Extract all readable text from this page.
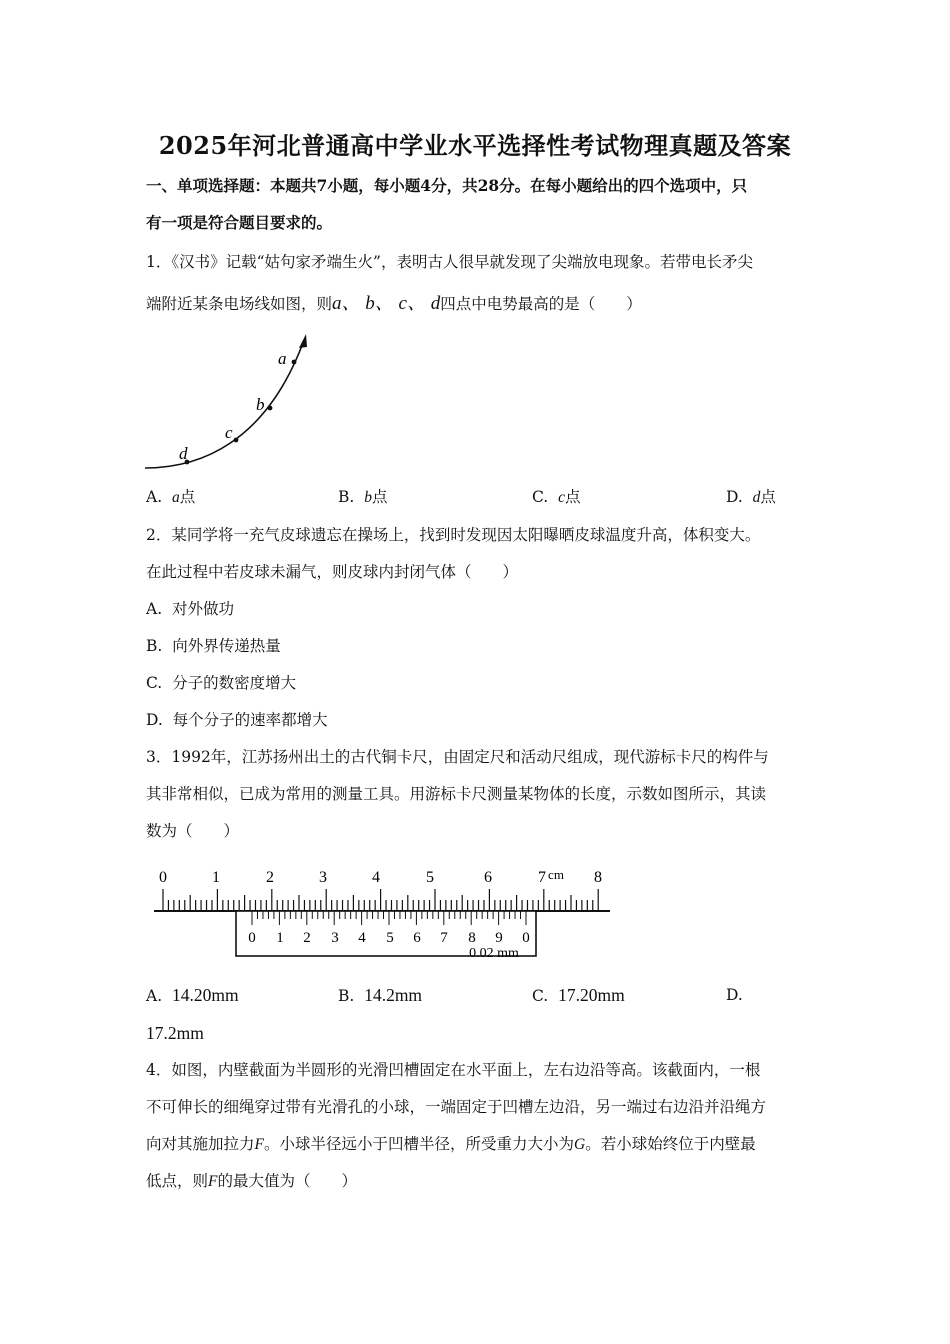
2025年河北普通高中学业水平选择性考试物理真题及答案
一、单项选择题：本题共7小题，每小题4分，共28分。在每小题给出的四个选项中，只
有一项是符合题目要求的。
1．《汉书》记载“姑句家矛端生火”，表明古人很早就发现了尖端放电现象。若带电长矛尖
端附近某条电场线如图，则a、 b、 c、 d四点中电势最高的是（　　）
a
b
c
d
A. a点	B. b点	C. c点	D. d点
2．某同学将一充气皮球遗忘在操场上，找到时发现因太阳曝晒皮球温度升高，体积变大。
在此过程中若皮球未漏气，则皮球内封闭气体（　　）
A. 对外做功
B. 向外界传递热量
C. 分子的数密度增大
D. 每个分子的速率都增大
3．1992年，江苏扬州出土的古代铜卡尺，由固定尺和活动尺组成，现代游标卡尺的构件与
其非常相似，已成为常用的测量工具。用游标卡尺测量某物体的长度，示数如图所示，其读
数为（　　）
0	1	2	3	4	5	6	7	8
cm
0 1 2 3 4 5 6 7 8 9 0
0.02 mm
A. 14.20mm	B. 14.2mm	C. 17.20mm	D.
17.2mm
4．如图，内壁截面为半圆形的光滑凹槽固定在水平面上，左右边沿等高。该截面内，一根
不可伸长的细绳穿过带有光滑孔的小球，一端固定于凹槽左边沿，另一端过右边沿并沿绳方
向对其施加拉力F。小球半径远小于凹槽半径，所受重力大小为G。若小球始终位于内壁最
低点，则F的最大值为（　　）
